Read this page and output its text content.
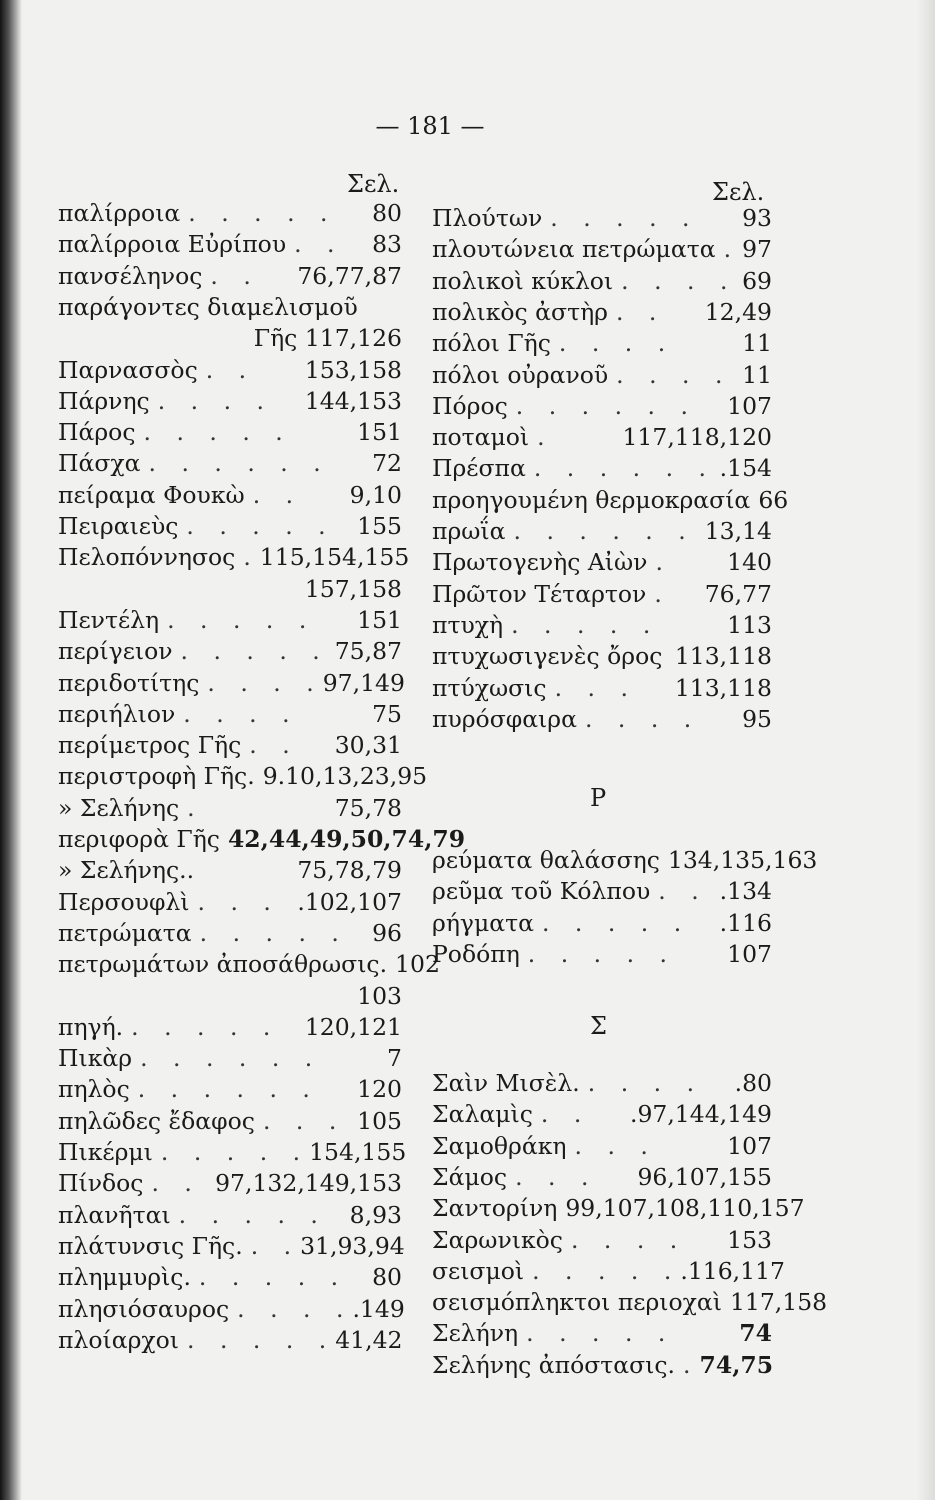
— 181 —
Σελ.	Σελ.
παλίρροια . . . . .	80
παλίρροια Εὐρίπου . .	83
πανσέληνος . .	76,77,87
παράγοντες διαμελισμοῦ
Γῆς 117,126
Παρνασσὸς . .	153,158
Πάρνης . . . .	144,153
Πάρος . . . . .	151
Πάσχα . . . . . .	72
πείραμα Φουκὼ . .	9,10
Πειραιεὺς . . . . . 155
Πελοπόννησος . 115,154,155
157,158
Πεντέλη . . . . .	151
περίγειον . . . . . 75,87
περιδοτίτης . . . . 97,149
περιήλιον . . . .	75
περίμετρος Γῆς . .	30,31
περιστροφὴ Γῆς. 9.10,13,23,95
» Σελήνης .	75,78
περιφορὰ Γῆς 42,44,49,50,74,79
» Σελήνης..	75,78,79
Περσουφλὶ . . . .102,107
πετρώματα . . . . .	96
πετρωμάτων ἀποσάθρωσις. 102
103
πηγή. . . . . .	120,121
Πικὰρ . . . . . .	7
πηλὸς . . . . . .	120
πηλῶδες ἔδαφος . . . 105
Πικέρμι . . . . . 154,155
Πίνδος . . 97,132,149,153
πλανῆται . . . . . 8,93
πλάτυνσις Γῆς. . . 31,93,94
πλημμυρὶς. . . . . .	80
πλησιόσαυρος . . . . .149
πλοίαρχοι . . . . . 41,42
Πλούτων . . . . .	93
πλουτώνεια πετρώματα . 97
πολικοὶ κύκλοι . . . . 69
πολικὸς ἀστὴρ . .	12,49
πόλοι Γῆς . . . .	11
πόλοι οὐρανοῦ . . . . 11
Πόρος . . . . . .	107
ποταμοὶ .	117,118,120
Πρέσπα . . . . . . .154
προηγουμένη θερμοκρασία 66
πρωΐα . . . . . . 13,14
Πρωτογενὴς Αἰὼν .	140
Πρῶτον Τέταρτον .	76,77
πτυχὴ . . . . .	113
πτυχωσιγενὲς ὄρος 113,118
πτύχωσις . . .	113,118
πυρόσφαιρα . . . .	95
ρεύματα θαλάσσης 134,135,163
ρεῦμα τοῦ Κόλπου . . .134
ρήγματα . . . . .	.116
Ροδόπη . . . . .	107
Σαὶν Μισὲλ. . . . .	.80
Σαλαμὶς . .	.97,144,149
Σαμοθράκη . . .	107
Σάμος . . .	96,107,155
Σαντορίνη 99,107,108,110,157
Σαρωνικὸς . . . .	153
σεισμοὶ . . . . . .116,117
σεισμόπληκτοι περιοχαὶ 117,158
Σελήνη . . . . .	74
Σελήνης ἀπόστασις. . 74,75
Ρ
Σ
